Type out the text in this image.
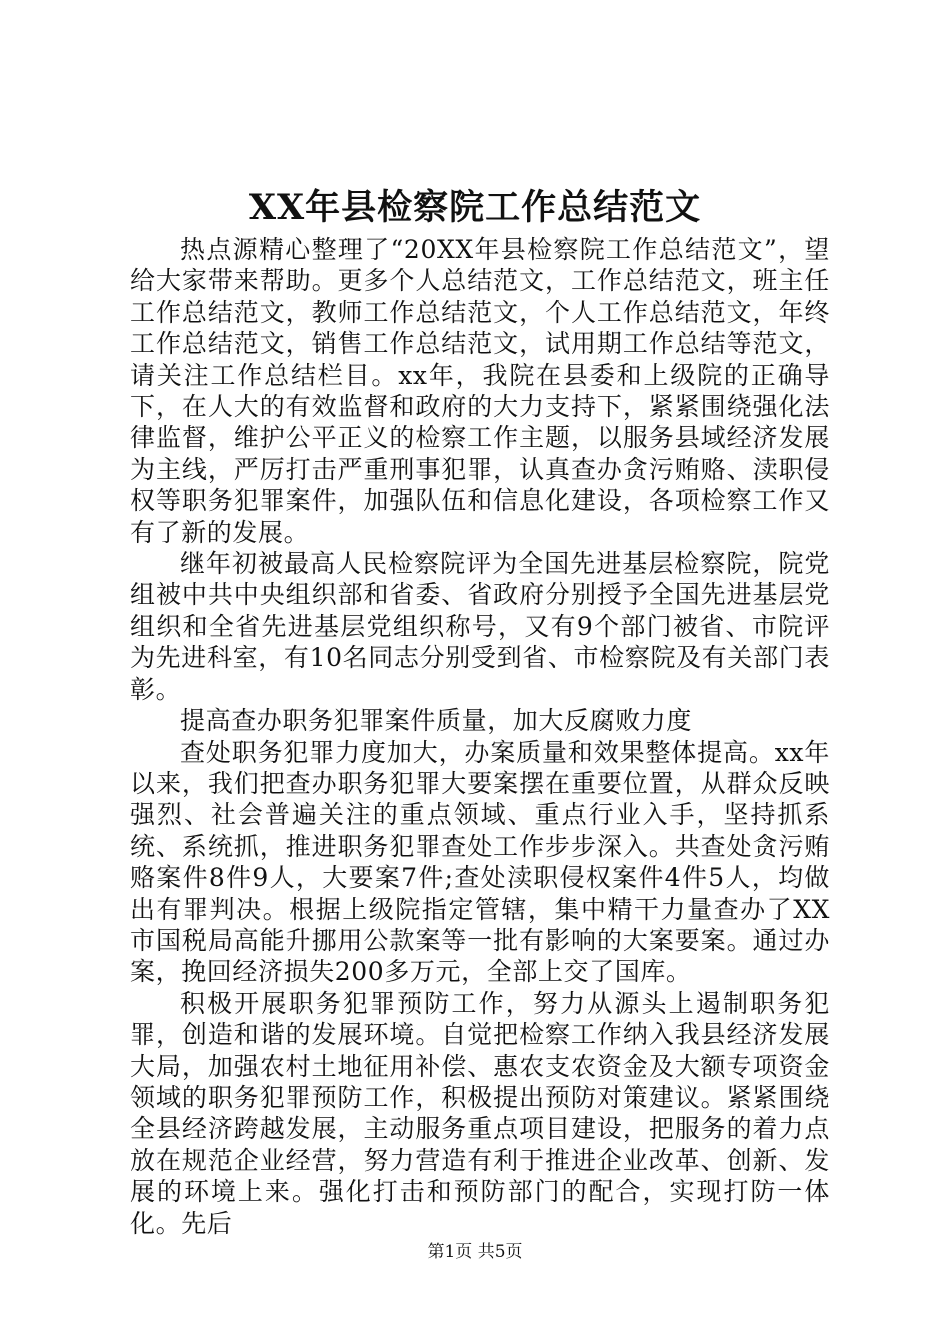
XX年县检察院工作总结范文

热点源精心整理了“20XX年县检察院工作总结范文”，望给大家带来帮助。更多个人总结范文，工作总结范文，班主任工作总结范文，教师工作总结范文，个人工作总结范文，年终工作总结范文，销售工作总结范文，试用期工作总结等范文，请关注工作总结栏目。xx年，我院在县委和上级院的正确导下，在人大的有效监督和政府的大力支持下，紧紧围绕强化法律监督，维护公平正义的检察工作主题，以服务县域经济发展为主线，严厉打击严重刑事犯罪，认真查办贪污贿赂、渎职侵权等职务犯罪案件，加强队伍和信息化建设，各项检察工作又有了新的发展。

继年初被最高人民检察院评为全国先进基层检察院，院党组被中共中央组织部和省委、省政府分别授予全国先进基层党组织和全省先进基层党组织称号，又有9个部门被省、市院评为先进科室，有10名同志分别受到省、市检察院及有关部门表彰。

提高查办职务犯罪案件质量，加大反腐败力度

查处职务犯罪力度加大，办案质量和效果整体提高。xx年以来，我们把查办职务犯罪大要案摆在重要位置，从群众反映强烈、社会普遍关注的重点领域、重点行业入手，坚持抓系统、系统抓，推进职务犯罪查处工作步步深入。共查处贪污贿赂案件8件9人，大要案7件;查处渎职侵权案件4件5人，均做出有罪判决。根据上级院指定管辖，集中精干力量查办了XX市国税局高能升挪用公款案等一批有影响的大案要案。通过办案，挽回经济损失200多万元，全部上交了国库。

积极开展职务犯罪预防工作，努力从源头上遏制职务犯罪，创造和谐的发展环境。自觉把检察工作纳入我县经济发展大局，加强农村土地征用补偿、惠农支农资金及大额专项资金领域的职务犯罪预防工作，积极提出预防对策建议。紧紧围绕全县经济跨越发展，主动服务重点项目建设，把服务的着力点放在规范企业经营，努力营造有利于推进企业改革、创新、发展的环境上来。强化打击和预防部门的配合，实现打防一体化。先后

第1页 共5页
